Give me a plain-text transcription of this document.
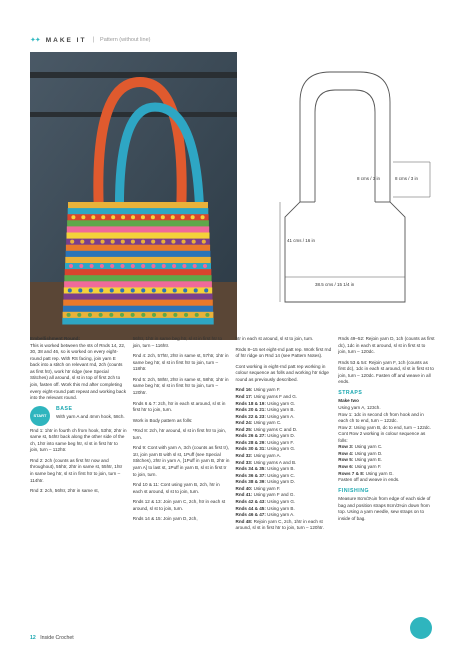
✦✦ MAKE IT | Pattern (without line)
8 cms / 3 in	8 cms / 3 in
41 cms / 16 in
38.5 cms / 15 1/4 in

Embellishment Round:
This is worked between the sts of Rnds 14, 22, 30, 38 and 46, so is worked on every eight-round patt rep. With RS facing, join yarn E back into a stitch on relevant rnd, 2ch (counts as first htr), work htr ridge (see Special Stitches) all around, sl st in top of first 2ch to join, fasten off. Work this rnd after completing every eight-round patt repeat and working back into the relevant round.

START
BASE
With yarn A and 4mm hook, 58ch.

Rnd 1: 1htr in fourth ch from hook, 53htr, 2htr in same st, 54htr back along the other side of the ch, 1htr into same beg htr, sl st in first htr to join, turn – 112htr.

Rnd 2: 2ch (counts as first htr now and throughout), 55htr, 2htr in same st, 55htr, 1htr in same beg htr, sl st in first htr to join, turn – 114htr.

Rnd 3: 2ch, 56htr, 2htr in same st,

56htr, 1htr in same beg htr, sl st in first htr to join, turn – 116htr.

Rnd 4: 2ch, 57htr, 2htr in same st, 57htr, 1htr in same beg htr, sl st in first htr to join, turn – 118htr.

Rnd 5: 2ch, 58htr, 2htr in same st, 58htr, 1htr in same beg htr, sl st in first htr to join, turn – 120htr.

Rnds 6 & 7: 2ch, htr in each st around, sl st in first htr to join, turn.

Work in Body pattern as folls:

*Rnd 8: 2ch, htr around, sl st in first htr to join, turn.

Rnd 9: Cont with yarn A, 3ch (counts as first tr), 1tr, join yarn B with sl st, 1Puff (see Special Stitches), 2htr in yarn A, [1Puff in yarn B, 2htr in yarn A] to last st, 1Puff in yarn B, sl st in first tr to join, turn.

Rnd 10 & 11: Cont using yarn B, 2ch, htr in each st around, sl st to join, turn.

Rnds 12 & 13: Join yarn C, 2ch, htr in each st around, sl st to join, turn.

Rnds 14 & 15: Join yarn D, 2ch,

htr in each st around, sl st to join, turn.

Rnds 8–15 set eight-rnd patt rep. Work first rnd of htr ridge on Rnd 14 (see Pattern Notes).

Cont working in eight-rnd patt rep working in colour sequence as folls and working htr ridge round as previously described.

Rnd 16: Using yarn F.
Rnd 17: Using yarns F and G.
Rnds 18 & 19: Using yarn G.
Rnds 20 & 21: Using yarn B.
Rnds 22 & 23: Using yarn A.
Rnd 24: Using yarn C.
Rnd 25: Using yarns C and D.
Rnds 26 & 27: Using yarn D.
Rnds 28 & 29: Using yarn F.
Rnds 30 & 31: Using yarn G.
Rnd 32: Using yarn A.
Rnd 33: Using yarns A and B.
Rnds 34 & 35: Using yarn B.
Rnds 36 & 37: Using yarn C.
Rnds 38 & 39: Using yarn D.
Rnd 40: Using yarn F.
Rnd 41: Using yarn F and G.
Rnds 42 & 43: Using yarn G.
Rnds 44 & 45: Using yarn B.
Rnds 46 & 47: Using yarn A.
Rnd 48: Rejoin yarn C, 2ch, 1htr in each st around, sl st in first htr to join, turn – 120htr.

Rnds 49–52: Rejoin yarn D, 1ch (counts as first dc), 1dc in each st around, sl st in first st to join, turn – 120dc.

Rnds 53 & 54: Rejoin yarn F, 1ch (counts as first dc), 1dc in each st around, sl st in first st to join, turn – 120dc. Fasten off and weave in all ends.

STRAPS
Make two
Using yarn A, 123ch.
Row 1: 1dc in second ch from hook and in each ch to end, turn – 122dc.
Row 2: Using yarn B, dc to end, turn – 122dc.
Cont Row 2 working in colour sequence as folls:
Row 3: Using yarn C.
Row 4: Using yarn D.
Row 5: Using yarn E.
Row 6: Using yarn F.
Rows 7 & 8: Using yarn G.
Fasten off and weave in ends.
FINISHING
Measure 8cm/3¼in from edge of each side of bag and position straps 8cm/3¼in down from top. Using a yarn needle, sew straps on to inside of bag.
12 Inside Crochet
